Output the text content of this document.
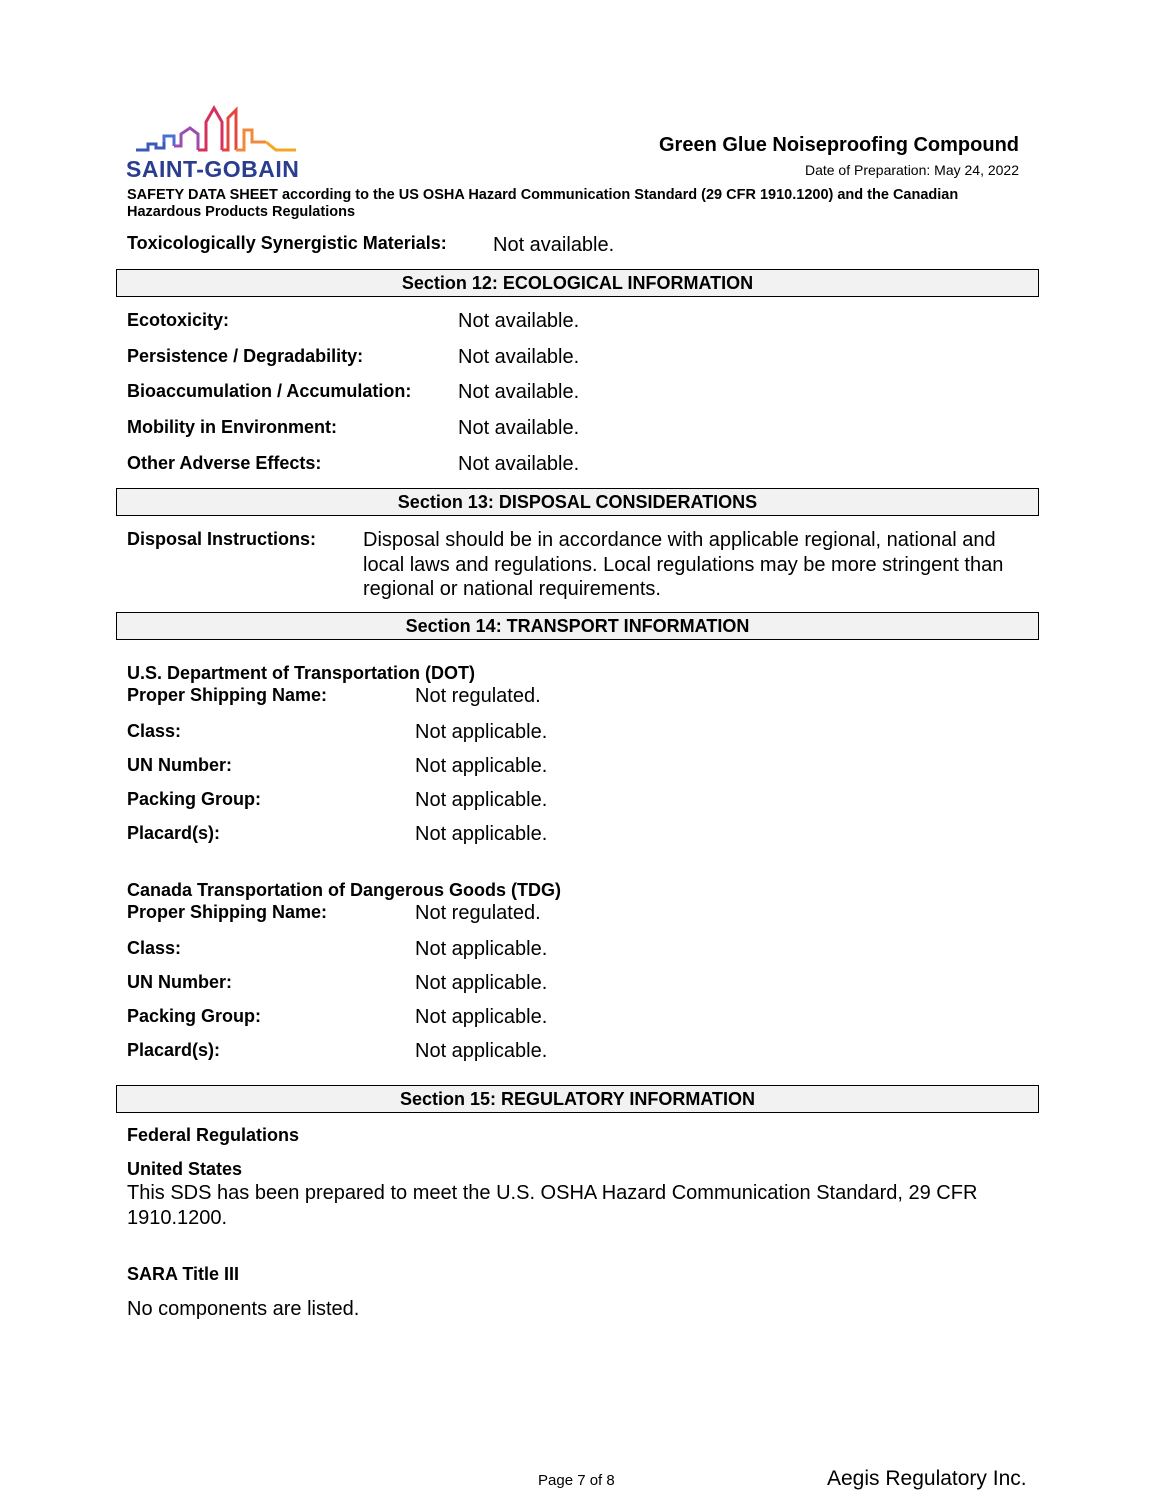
SAINT-GOBAIN
Green Glue Noiseproofing Compound
Date of Preparation: May 24, 2022
SAFETY DATA SHEET according to the US OSHA Hazard Communication Standard (29 CFR 1910.1200) and the Canadian
Hazardous Products Regulations
Toxicologically Synergistic Materials: Not available.
Section 12: ECOLOGICAL INFORMATION
Ecotoxicity:	Not available.
Persistence / Degradability:	Not available.
Bioaccumulation / Accumulation: Not available.
Mobility in Environment:	Not available.
Other Adverse Effects:	Not available.
Section 13: DISPOSAL CONSIDERATIONS
Disposal Instructions: Disposal should be in accordance with applicable regional, national and local laws and regulations. Local regulations may be more stringent than regional or national requirements.
Section 14: TRANSPORT INFORMATION
U.S. Department of Transportation (DOT)
Proper Shipping Name:	Not regulated.
Class:	Not applicable.
UN Number:	Not applicable.
Packing Group:	Not applicable.
Placard(s):	Not applicable.
Canada Transportation of Dangerous Goods (TDG)
Proper Shipping Name:	Not regulated.
Class:	Not applicable.
UN Number:	Not applicable.
Packing Group:	Not applicable.
Placard(s):	Not applicable.
Section 15: REGULATORY INFORMATION
Federal Regulations
United States
This SDS has been prepared to meet the U.S. OSHA Hazard Communication Standard, 29 CFR 1910.1200.
SARA Title III
No components are listed.
Page 7 of 8	Aegis Regulatory Inc.
